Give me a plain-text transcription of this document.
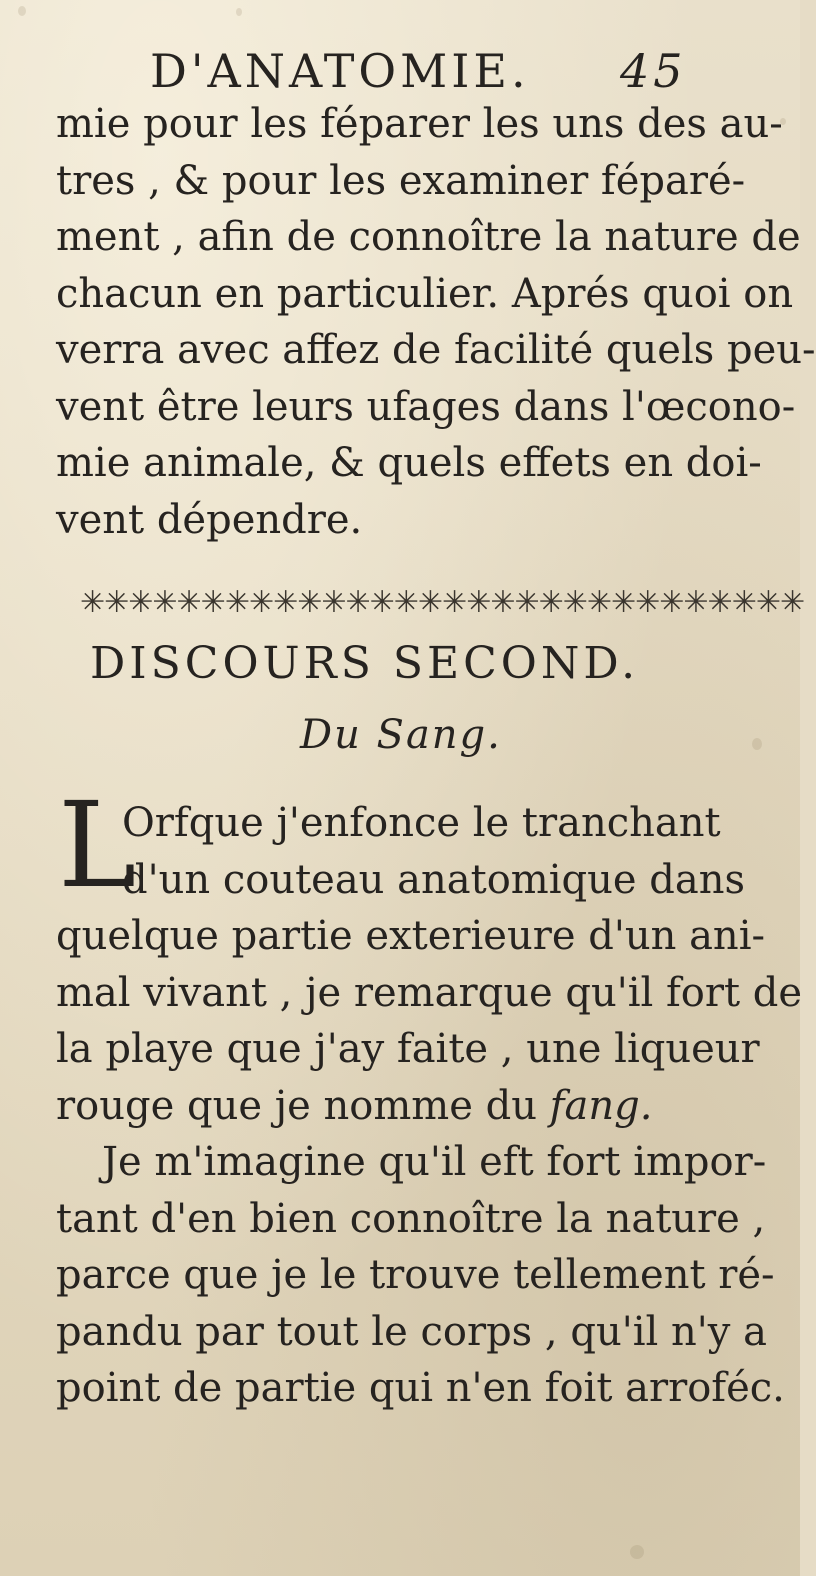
D'ANATOMIE. 45
mie pour les féparer les uns des au-
tres , & pour les examiner féparé-
ment , afin de connoître la nature de
chacun en particulier. Aprés quoi on
verra avec affez de facilité quels peu-
vent être leurs ufages dans l'œcono-
mie animale, & quels effets en doi-
vent dépendre.
✳✳✳✳✳✳✳✳✳✳✳✳✳✳✳✳✳✳✳✳✳✳✳✳✳✳✳✳✳✳
DISCOURS SECOND.
Du Sang.
L
Orfque j'enfonce le tranchant
d'un couteau anatomique dans
quelque partie exterieure d'un ani-
mal vivant , je remarque qu'il fort de
la playe que j'ay faite , une liqueur
rouge que je nomme du fang.
Je m'imagine qu'il eft fort impor-
tant d'en bien connoître la nature ,
parce que je le trouve tellement ré-
pandu par tout le corps , qu'il n'y a
point de partie qui n'en foit arroféc.
